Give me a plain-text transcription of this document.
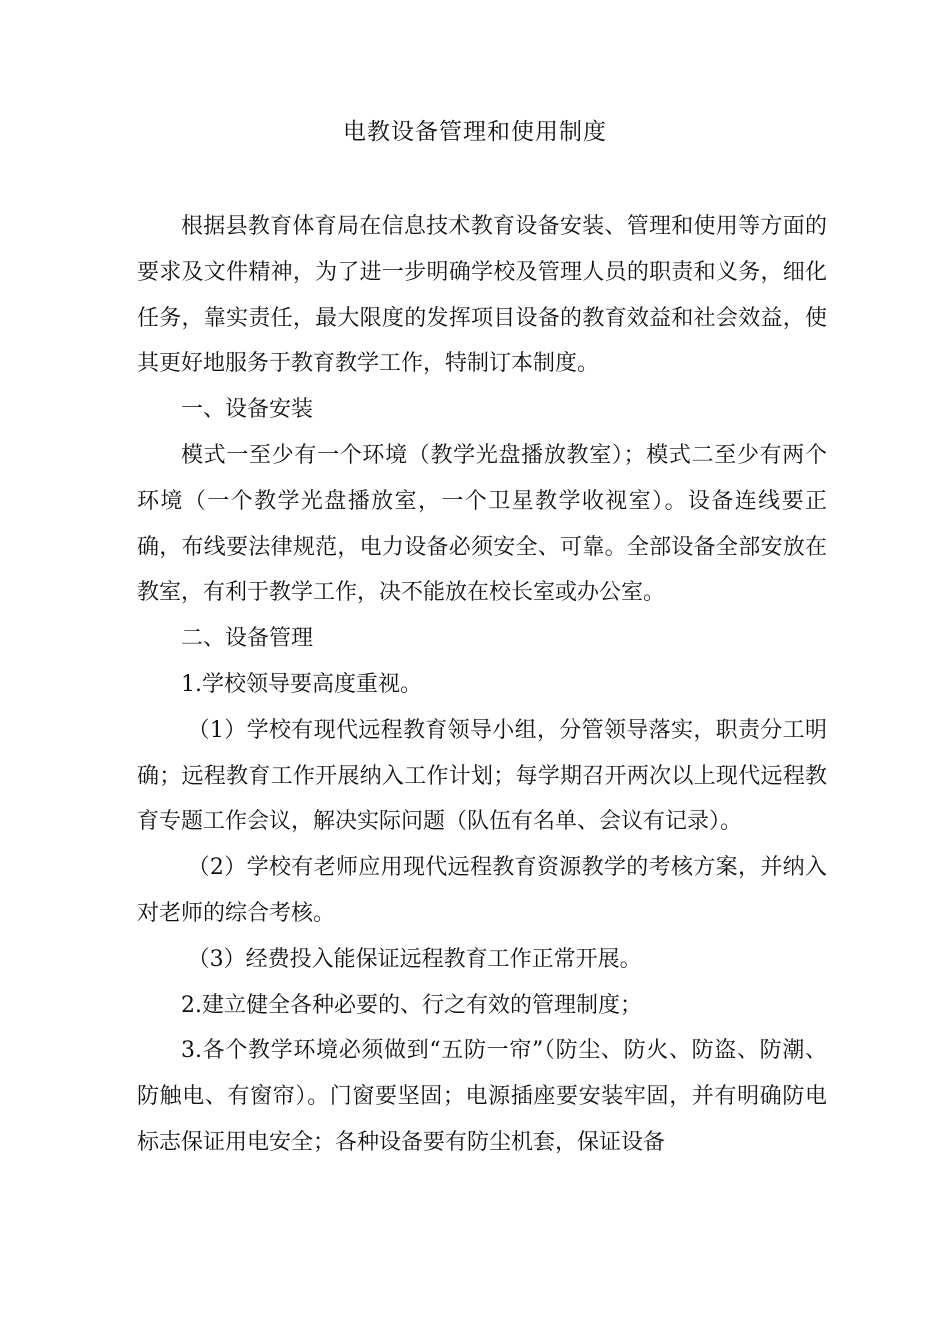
电教设备管理和使用制度

根据县教育体育局在信息技术教育设备安装、管理和使用等方面的要求及文件精神，为了进一步明确学校及管理人员的职责和义务，细化任务，靠实责任，最大限度的发挥项目设备的教育效益和社会效益，使其更好地服务于教育教学工作，特制订本制度。

一、设备安装

模式一至少有一个环境（教学光盘播放教室）；模式二至少有两个环境（一个教学光盘播放室，一个卫星教学收视室）。设备连线要正确，布线要法律规范，电力设备必须安全、可靠。全部设备全部安放在教室，有利于教学工作，决不能放在校长室或办公室。

二、设备管理

1.学校领导要高度重视。

（1）学校有现代远程教育领导小组，分管领导落实，职责分工明确；远程教育工作开展纳入工作计划；每学期召开两次以上现代远程教育专题工作会议，解决实际问题（队伍有名单、会议有记录）。

（2）学校有老师应用现代远程教育资源教学的考核方案，并纳入对老师的综合考核。

（3）经费投入能保证远程教育工作正常开展。

2.建立健全各种必要的、行之有效的管理制度；

3.各个教学环境必须做到“五防一帘”（防尘、防火、防盗、防潮、防触电、有窗帘）。门窗要坚固；电源插座要安装牢固，并有明确防电标志保证用电安全；各种设备要有防尘机套，保证设备
